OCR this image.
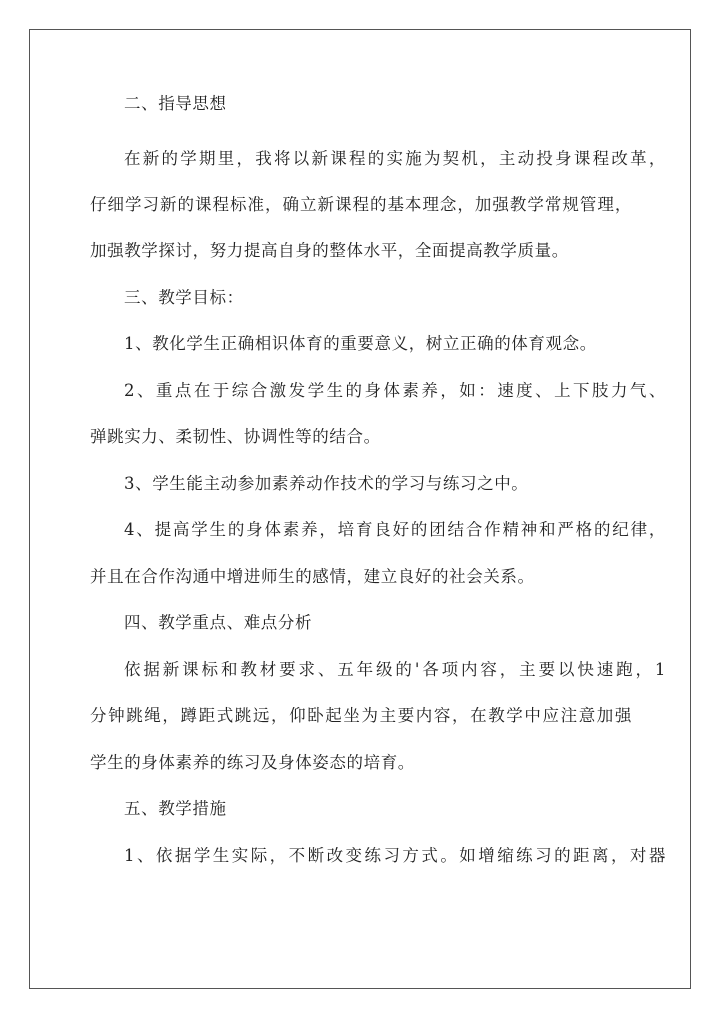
二、指导思想
在新的学期里，我将以新课程的实施为契机，主动投身课程改革，
仔细学习新的课程标准，确立新课程的基本理念，加强教学常规管理，
加强教学探讨，努力提高自身的整体水平，全面提高教学质量。
三、教学目标：
1、教化学生正确相识体育的重要意义，树立正确的体育观念。
2、重点在于综合激发学生的身体素养，如：速度、上下肢力气、
弹跳实力、柔韧性、协调性等的结合。
3、学生能主动参加素养动作技术的学习与练习之中。
4、提高学生的身体素养，培育良好的团结合作精神和严格的纪律，
并且在合作沟通中增进师生的感情，建立良好的社会关系。
四、教学重点、难点分析
依据新课标和教材要求、五年级的'各项内容，主要以快速跑，1
分钟跳绳，蹲距式跳远，仰卧起坐为主要内容，在教学中应注意加强
学生的身体素养的练习及身体姿态的培育。
五、教学措施
1、依据学生实际，不断改变练习方式。如增缩练习的距离，对器
